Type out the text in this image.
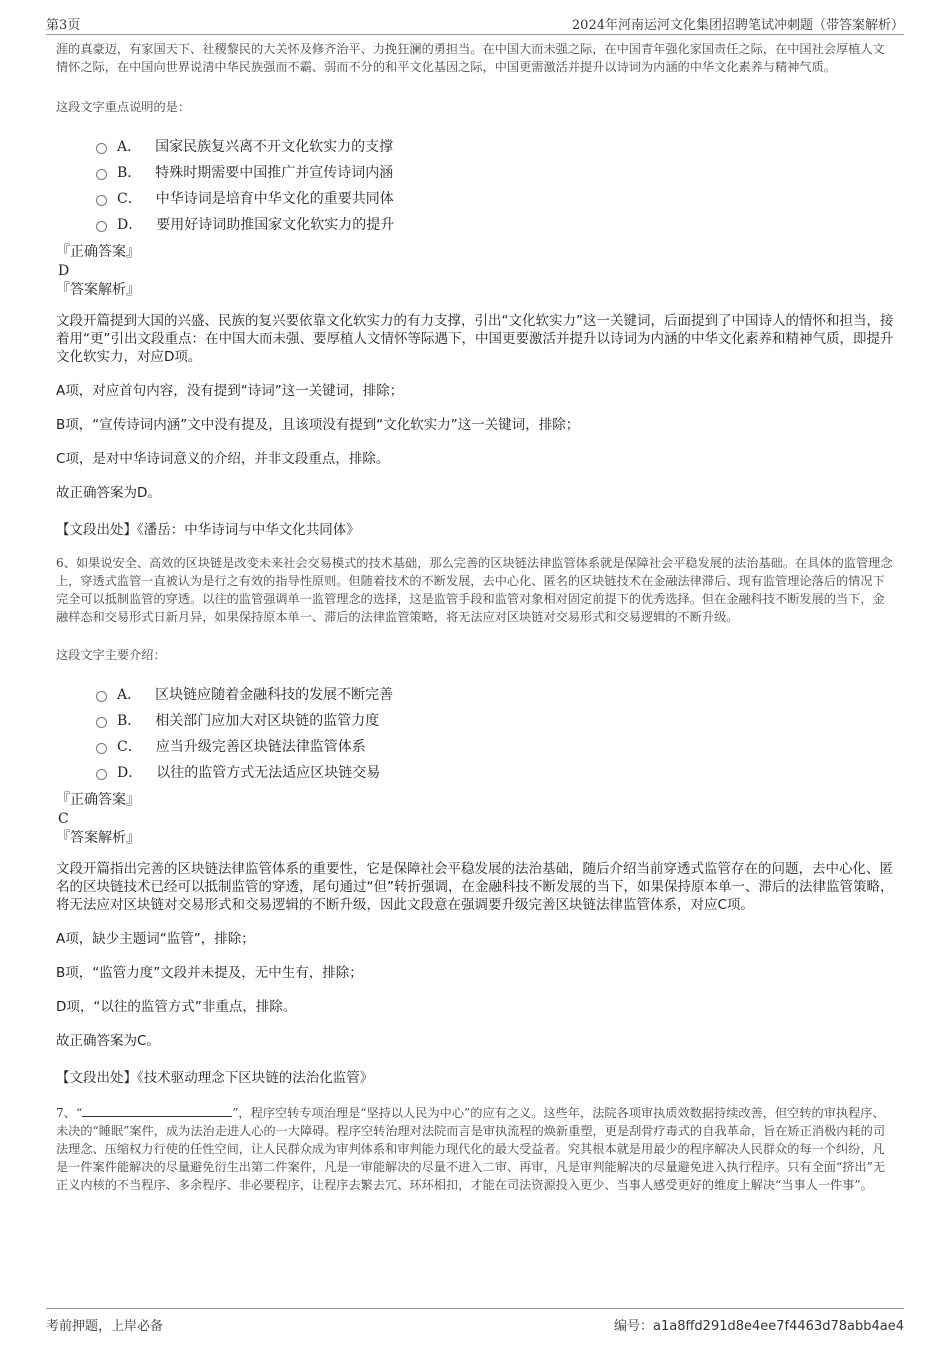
第3页	2024年河南运河文化集团招聘笔试冲刺题（带答案解析）

涯的真豪迈，有家国天下、社稷黎民的大关怀及修齐治平、力挽狂澜的勇担当。在中国大而未强之际，在中国青年强化家国责任之际，在中国社会厚植人文情怀之际，在中国向世界说清中华民族强而不霸、弱而不分的和平文化基因之际，中国更需激活并提升以诗词为内涵的中华文化素养与精神气质。

这段文字重点说明的是：

A． 国家民族复兴离不开文化软实力的支撑
B． 特殊时期需要中国推广并宣传诗词内涵
C． 中华诗词是培育中华文化的重要共同体
D． 要用好诗词助推国家文化软实力的提升
『正确答案』
D
『答案解析』

文段开篇提到大国的兴盛、民族的复兴要依靠文化软实力的有力支撑，引出“文化软实力”这一关键词，后面提到了中国诗人的情怀和担当，接着用“更”引出文段重点：在中国大而未强、要厚植人文情怀等际遇下，中国更要激活并提升以诗词为内涵的中华文化素养和精神气质，即提升文化软实力，对应D项。

A项，对应首句内容，没有提到“诗词”这一关键词，排除；

B项，“宣传诗词内涵”文中没有提及，且该项没有提到“文化软实力”这一关键词，排除；

C项，是对中华诗词意义的介绍，并非文段重点，排除。

故正确答案为D。

【文段出处】《潘岳：中华诗词与中华文化共同体》

6、如果说安全、高效的区块链是改变未来社会交易模式的技术基础，那么完善的区块链法律监管体系就是保障社会平稳发展的法治基础。在具体的监管理念上，穿透式监管一直被认为是行之有效的指导性原则。但随着技术的不断发展，去中心化、匿名的区块链技术在金融法律滞后、现有监管理论落后的情况下完全可以抵制监管的穿透。以往的监管强调单一监管理念的选择，这是监管手段和监管对象相对固定前提下的优秀选择。但在金融科技不断发展的当下，金融样态和交易形式日新月异，如果保持原本单一、滞后的法律监管策略，将无法应对区块链对交易形式和交易逻辑的不断升级。

这段文字主要介绍：

A． 区块链应随着金融科技的发展不断完善
B． 相关部门应加大对区块链的监管力度
C． 应当升级完善区块链法律监管体系
D． 以往的监管方式无法适应区块链交易
『正确答案』
C
『答案解析』

文段开篇指出完善的区块链法律监管体系的重要性，它是保障社会平稳发展的法治基础，随后介绍当前穿透式监管存在的问题，去中心化、匿名的区块链技术已经可以抵制监管的穿透，尾句通过“但”转折强调，在金融科技不断发展的当下，如果保持原本单一、滞后的法律监管策略，将无法应对区块链对交易形式和交易逻辑的不断升级，因此文段意在强调要升级完善区块链法律监管体系，对应C项。

A项，缺少主题词“监管”，排除；

B项，“监管力度”文段并未提及，无中生有，排除；

D项，“以往的监管方式”非重点，排除。

故正确答案为C。

【文段出处】《技术驱动理念下区块链的法治化监管》

7、“	”，程序空转专项治理是“坚持以人民为中心”的应有之义。这些年，法院各项审执质效数据持续改善，但空转的审执程序、未决的“睡眠”案件，成为法治走进人心的一大障碍。程序空转治理对法院而言是审执流程的焕新重塑，更是刮骨疗毒式的自我革命，旨在矫正消极内耗的司法理念、压缩权力行使的任性空间，让人民群众成为审判体系和审判能力现代化的最大受益者。究其根本就是用最少的程序解决人民群众的每一个纠纷，凡是一件案件能解决的尽量避免衍生出第二件案件，凡是一审能解决的尽量不进入二审、再审，凡是审判能解决的尽量避免进入执行程序。只有全面“挤出”无正义内核的不当程序、多余程序、非必要程序，让程序去繁去冗、环环相扣，才能在司法资源投入更少、当事人感受更好的维度上解决“当事人一件事”。

考前押题，上岸必备	编号：a1a8ffd291d8e4ee7f4463d78abb4ae4
